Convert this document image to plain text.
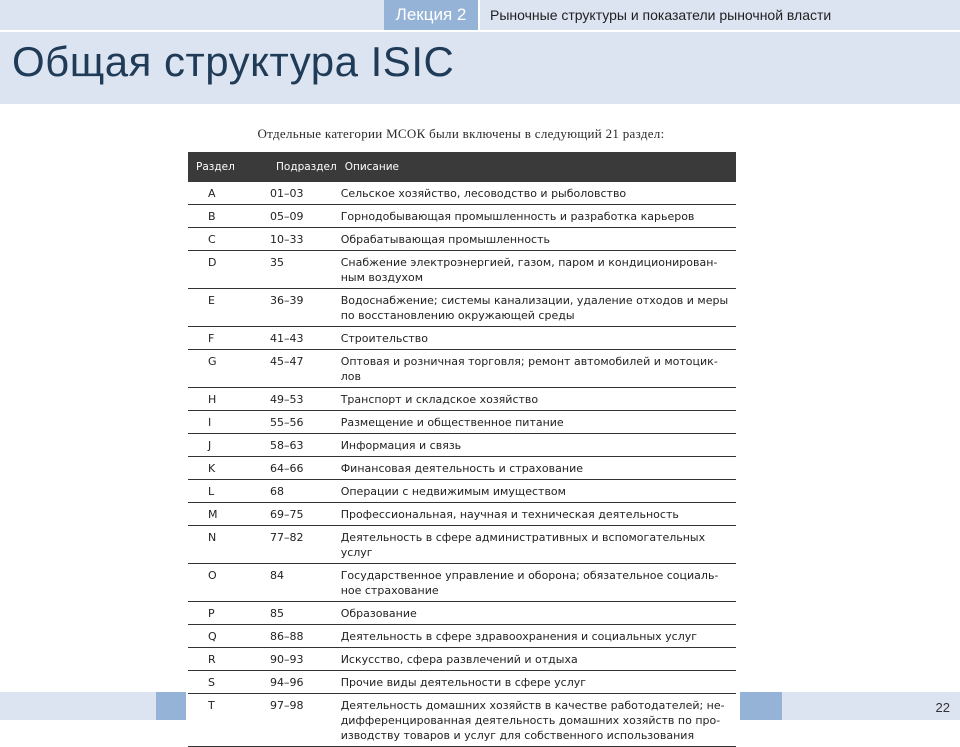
Лекция 2	Рыночные структуры и показатели рыночной власти
Общая структура ISIC
Отдельные категории МСОК были включены в следующий 21 раздел:
Раздел	Подраздел	Описание
A	01–03	Сельское хозяйство, лесоводство и рыболовство
B	05–09	Горнодобывающая промышленность и разработка карьеров
C	10–33	Обрабатывающая промышленность
D	35	Снабжение электроэнергией, газом, паром и кондиционирован-ным воздухом
E	36–39	Водоснабжение; системы канализации, удаление отходов и меры по восстановлению окружающей среды
F	41–43	Строительство
G	45–47	Оптовая и розничная торговля; ремонт автомобилей и мотоцик-лов
H	49–53	Транспорт и складское хозяйство
I	55–56	Размещение и общественное питание
J	58–63	Информация и связь
K	64–66	Финансовая деятельность и страхование
L	68	Операции с недвижимым имуществом
M	69–75	Профессиональная, научная и техническая деятельность
N	77–82	Деятельность в сфере административных и вспомогательных услуг
O	84	Государственное управление и оборона; обязательное социаль-ное страхование
P	85	Образование
Q	86–88	Деятельность в сфере здравоохранения и социальных услуг
R	90–93	Искусство, сфера развлечений и отдыха
S	94–96	Прочие виды деятельности в сфере услуг
T	97–98	Деятельность домашних хозяйств в качестве работодателей; не-дифференцированная деятельность домашних хозяйств по про-изводству товаров и услуг для собственного использования
22
